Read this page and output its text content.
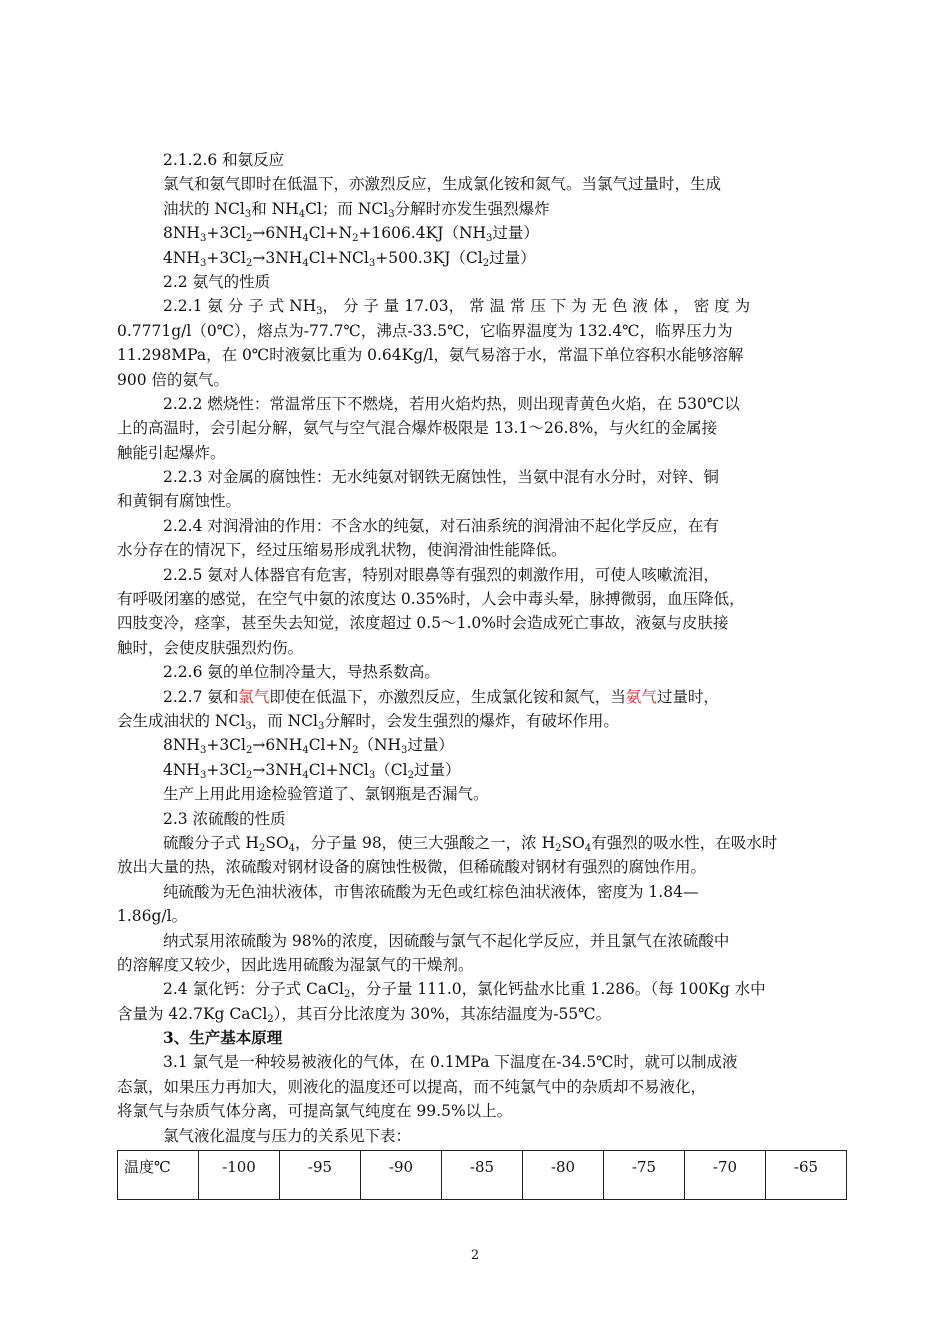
2.1.2.6 和氨反应
氯气和氨气即时在低温下，亦激烈反应，生成氯化铵和氮气。当氯气过量时，生成
油状的 NCl$_3$和 $NH_4Cl$；而 NCl$_3$分解时亦发生强烈爆炸
$8NH_3+3Cl_2\to 6NH_4Cl+N_2+1606.4KJ(NH_3$过量）
$4NH_3+3Cl_2\to 3NH_4Cl+NCl_3+500.3KJ(Cl_2$过量）
2.2 氨气的性质
2.2.1 氨 分 子 式 $NH_3$， 分 子 量 17.03， 常 温 常 压 下 为 无 色 液 体 ， 密 度 为
0.7771g/l（0℃），熔点为-77.7℃，沸点-33.5℃，它临界温度为 132.4℃，临界压力为
11.298MPa，在 0℃时液氨比重为 0.64Kg/l，氨气易溶于水，常温下单位容积水能够溶解
900 倍的氨气。
2.2.2 燃烧性：常温常压下不燃烧，若用火焰灼热，则出现青黄色火焰，在 530℃以
上的高温时，会引起分解，氨气与空气混合爆炸极限是 13.1～26.8%，与火红的金属接
触能引起爆炸。
2.2.3 对金属的腐蚀性：无水纯氨对钢铁无腐蚀性，当氨中混有水分时，对锌、铜
和黄铜有腐蚀性。
2.2.4 对润滑油的作用：不含水的纯氨，对石油系统的润滑油不起化学反应，在有
水分存在的情况下，经过压缩易形成乳状物，使润滑油性能降低。
2.2.5 氨对人体器官有危害，特别对眼鼻等有强烈的刺激作用，可使人咳嗽流泪，
有呼吸闭塞的感觉，在空气中氨的浓度达 0.35%时，人会中毒头晕，脉搏微弱，血压降低，
四肢变冷，痉挛，甚至失去知觉，浓度超过 0.5～1.0%时会造成死亡事故，液氨与皮肤接
触时，会使皮肤强烈灼伤。
2.2.6 氨的单位制冷量大，导热系数高。
2.2.7 氨和氯气即使在低温下，亦激烈反应，生成氯化铵和氮气，当氨气过量时，
会生成油状的 NCl$_3$，而 NCl$_3$分解时，会发生强烈的爆炸，有破坏作用。
$8NH_3+3Cl_2\to 6NH_4Cl+N_2(NH_3$过量）
$4NH_3+3Cl_2\to 3NH_4Cl+NCl_3(Cl_2$过量）
生产上用此用途检验管道了、氯钢瓶是否漏气。
2.3 浓硫酸的性质
硫酸分子式 $H_2SO_4$，分子量 98，使三大强酸之一，浓 $H_2SO_4$有强烈的吸水性，在吸水时
放出大量的热，浓硫酸对钢材设备的腐蚀性极微，但稀硫酸对钢材有强烈的腐蚀作用。
纯硫酸为无色油状液体，市售浓硫酸为无色或红棕色油状液体，密度为 1.84—
1.86g/l。
纳式泵用浓硫酸为 98%的浓度，因硫酸与氯气不起化学反应，并且氯气在浓硫酸中
的溶解度又较少，因此选用硫酸为湿氯气的干燥剂。
2.4 氯化钙：分子式 CaCl$_2$，分子量 111.0，氯化钙盐水比重 1.286。（每 100Kg 水中
含量为 42.7Kg CaCl$_2$），其百分比浓度为 30%，其冻结温度为-55℃。
3、生产基本原理
3.1 氯气是一种较易被液化的气体，在 0.1MPa 下温度在-34.5℃时，就可以制成液
态氯，如果压力再加大，则液化的温度还可以提高，而不纯氯气中的杂质却不易液化，
将氯气与杂质气体分离，可提高氯气纯度在 99.5%以上。
氯气液化温度与压力的关系见下表：
温度℃	-100	-95	-90	-85	-80	-75	-70	-65
2
